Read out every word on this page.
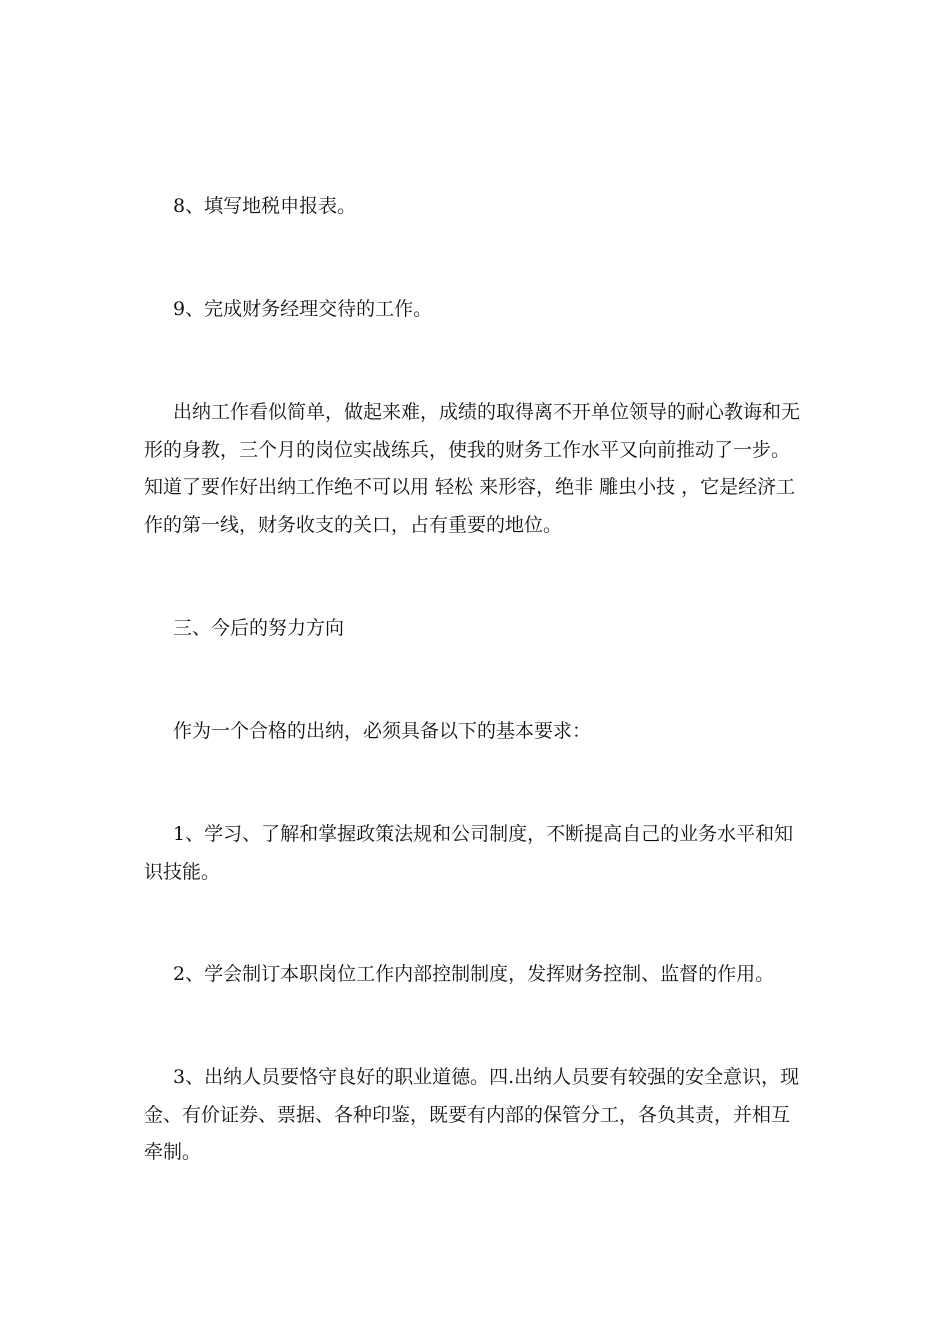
8、填写地税申报表。

9、完成财务经理交待的工作。

出纳工作看似简单，做起来难，成绩的取得离不开单位领导的耐心教诲和无形的身教，三个月的岗位实战练兵，使我的财务工作水平又向前推动了一步。知道了要作好出纳工作绝不可以用 轻松 来形容，绝非 雕虫小技 ，它是经济工作的第一线，财务收支的关口，占有重要的地位。

三、今后的努力方向

作为一个合格的出纳，必须具备以下的基本要求：

1、学习、了解和掌握政策法规和公司制度，不断提高自己的业务水平和知识技能。

2、学会制订本职岗位工作内部控制制度，发挥财务控制、监督的作用。

3、出纳人员要恪守良好的职业道德。四.出纳人员要有较强的安全意识，现金、有价证券、票据、各种印鉴，既要有内部的保管分工，各负其责，并相互牵制。
